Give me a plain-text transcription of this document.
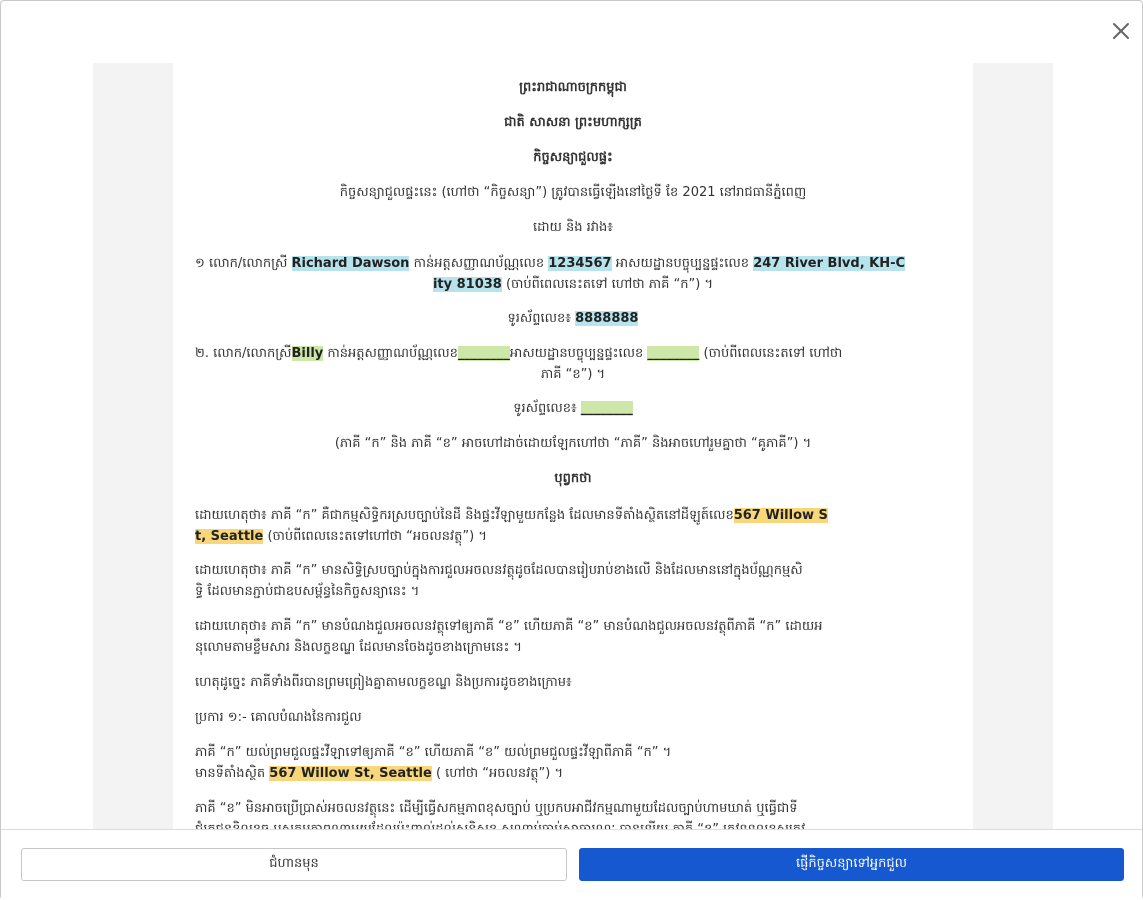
ព្រះរាជាណាចក្រកម្ពុជា
ជាតិ សាសនា ព្រះមហាក្សត្រ
កិច្ចសន្យាជួលផ្ទះ
កិច្ចសន្យាជួលផ្ទះនេះ (ហៅថា “កិច្ចសន្យា”) ត្រូវបានធ្វើឡើងនៅថ្ងៃទី ខែ 2021 នៅរាជធានីភ្នំពេញ
ដោយ និង រវាង៖
១ លោក/លោកស្រី Richard Dawson កាន់អត្តសញ្ញាណប័ណ្ណលេខ 1234567 អាសយដ្ឋានបច្ចុប្បន្នផ្ទះលេខ 247 River Blvd, KH-C
ity 81038 (ចាប់ពីពេលនេះតទៅ ហៅថា ភាគី “ក”) ។
ទូរស័ព្ទលេខ៖ 8888888
២. លោក/លោកស្រីBilly កាន់អត្តសញ្ញាណប័ណ្ណលេខ________អាសយដ្ឋានបច្ចុប្បន្នផ្ទះលេខ ________ (ចាប់ពីពេលនេះតទៅ ហៅថា
ភាគី “ខ”) ។
ទូរស័ព្ទលេខ៖ ________
(ភាគី “ក” និង ភាគី “ខ” អាចហៅដាច់ដោយឡែកហៅថា “ភាគី” និងអាចហៅរួមគ្នាថា “គូភាគី”) ។
បុព្វកថា
ដោយហេតុថា៖ ភាគី “ក” គឺជាកម្មសិទ្ធិករស្របច្បាប់នៃដី និងផ្ទះវីឡាមួយកន្លែង ដែលមានទីតាំងស្ថិតនៅដីឡូត៍លេខ567 Willow S
t, Seattle (ចាប់ពីពេលនេះតទៅហៅថា “អចលនវត្ថុ”) ។
ដោយហេតុថា៖ ភាគី “ក” មានសិទ្ធិស្របច្បាប់ក្នុងការជួលអចលនវត្ថុដូចដែលបានរៀបរាប់ខាងលើ និងដែលមាននៅក្នុងប័ណ្ណកម្មសិ
ទ្ធិ ដែលមានភ្ជាប់ជាឧបសម្ព័ន្ធនៃកិច្ចសន្យានេះ ។
ដោយហេតុថា៖ ភាគី “ក” មានបំណងជួលអចលនវត្ថុទៅឲ្យភាគី “ខ” ហើយភាគី “ខ” មានបំណងជួលអចលនវត្ថុពីភាគី “ក” ដោយអ
នុលោមតាមខ្លឹមសារ និងលក្ខខណ្ឌ ដែលមានចែងដូចខាងក្រោមនេះ ។
ហេតុដូច្នេះ ភាគីទាំងពីរបានព្រមព្រៀងគ្នាតាមលក្ខខណ្ឌ និងប្រការដូចខាងក្រោម៖
ប្រការ ១:- គោលបំណងនៃការជួល
ភាគី “ក” យល់ព្រមជួលផ្ទះវីឡាទៅឲ្យភាគី “ខ” ហើយភាគី “ខ” យល់ព្រមជួលផ្ទះវីឡាពីភាគី “ក” ។
មានទីតាំងស្ថិត 567 Willow St, Seattle ( ហៅថា “អចលនវត្ថុ”) ។
ភាគី “ខ” មិនអាចប្រើប្រាស់អចលនវត្ថុនេះ ដើម្បីធ្វើសកម្មភាពខុសច្បាប់ ឬប្រកបអាជីវកម្មណាមួយដែលច្បាប់ហាមឃាត់ ឬធ្វើជាទី
ជំហានមុន	ផ្ញើកិច្ចសន្យាទៅអ្នកជួល
